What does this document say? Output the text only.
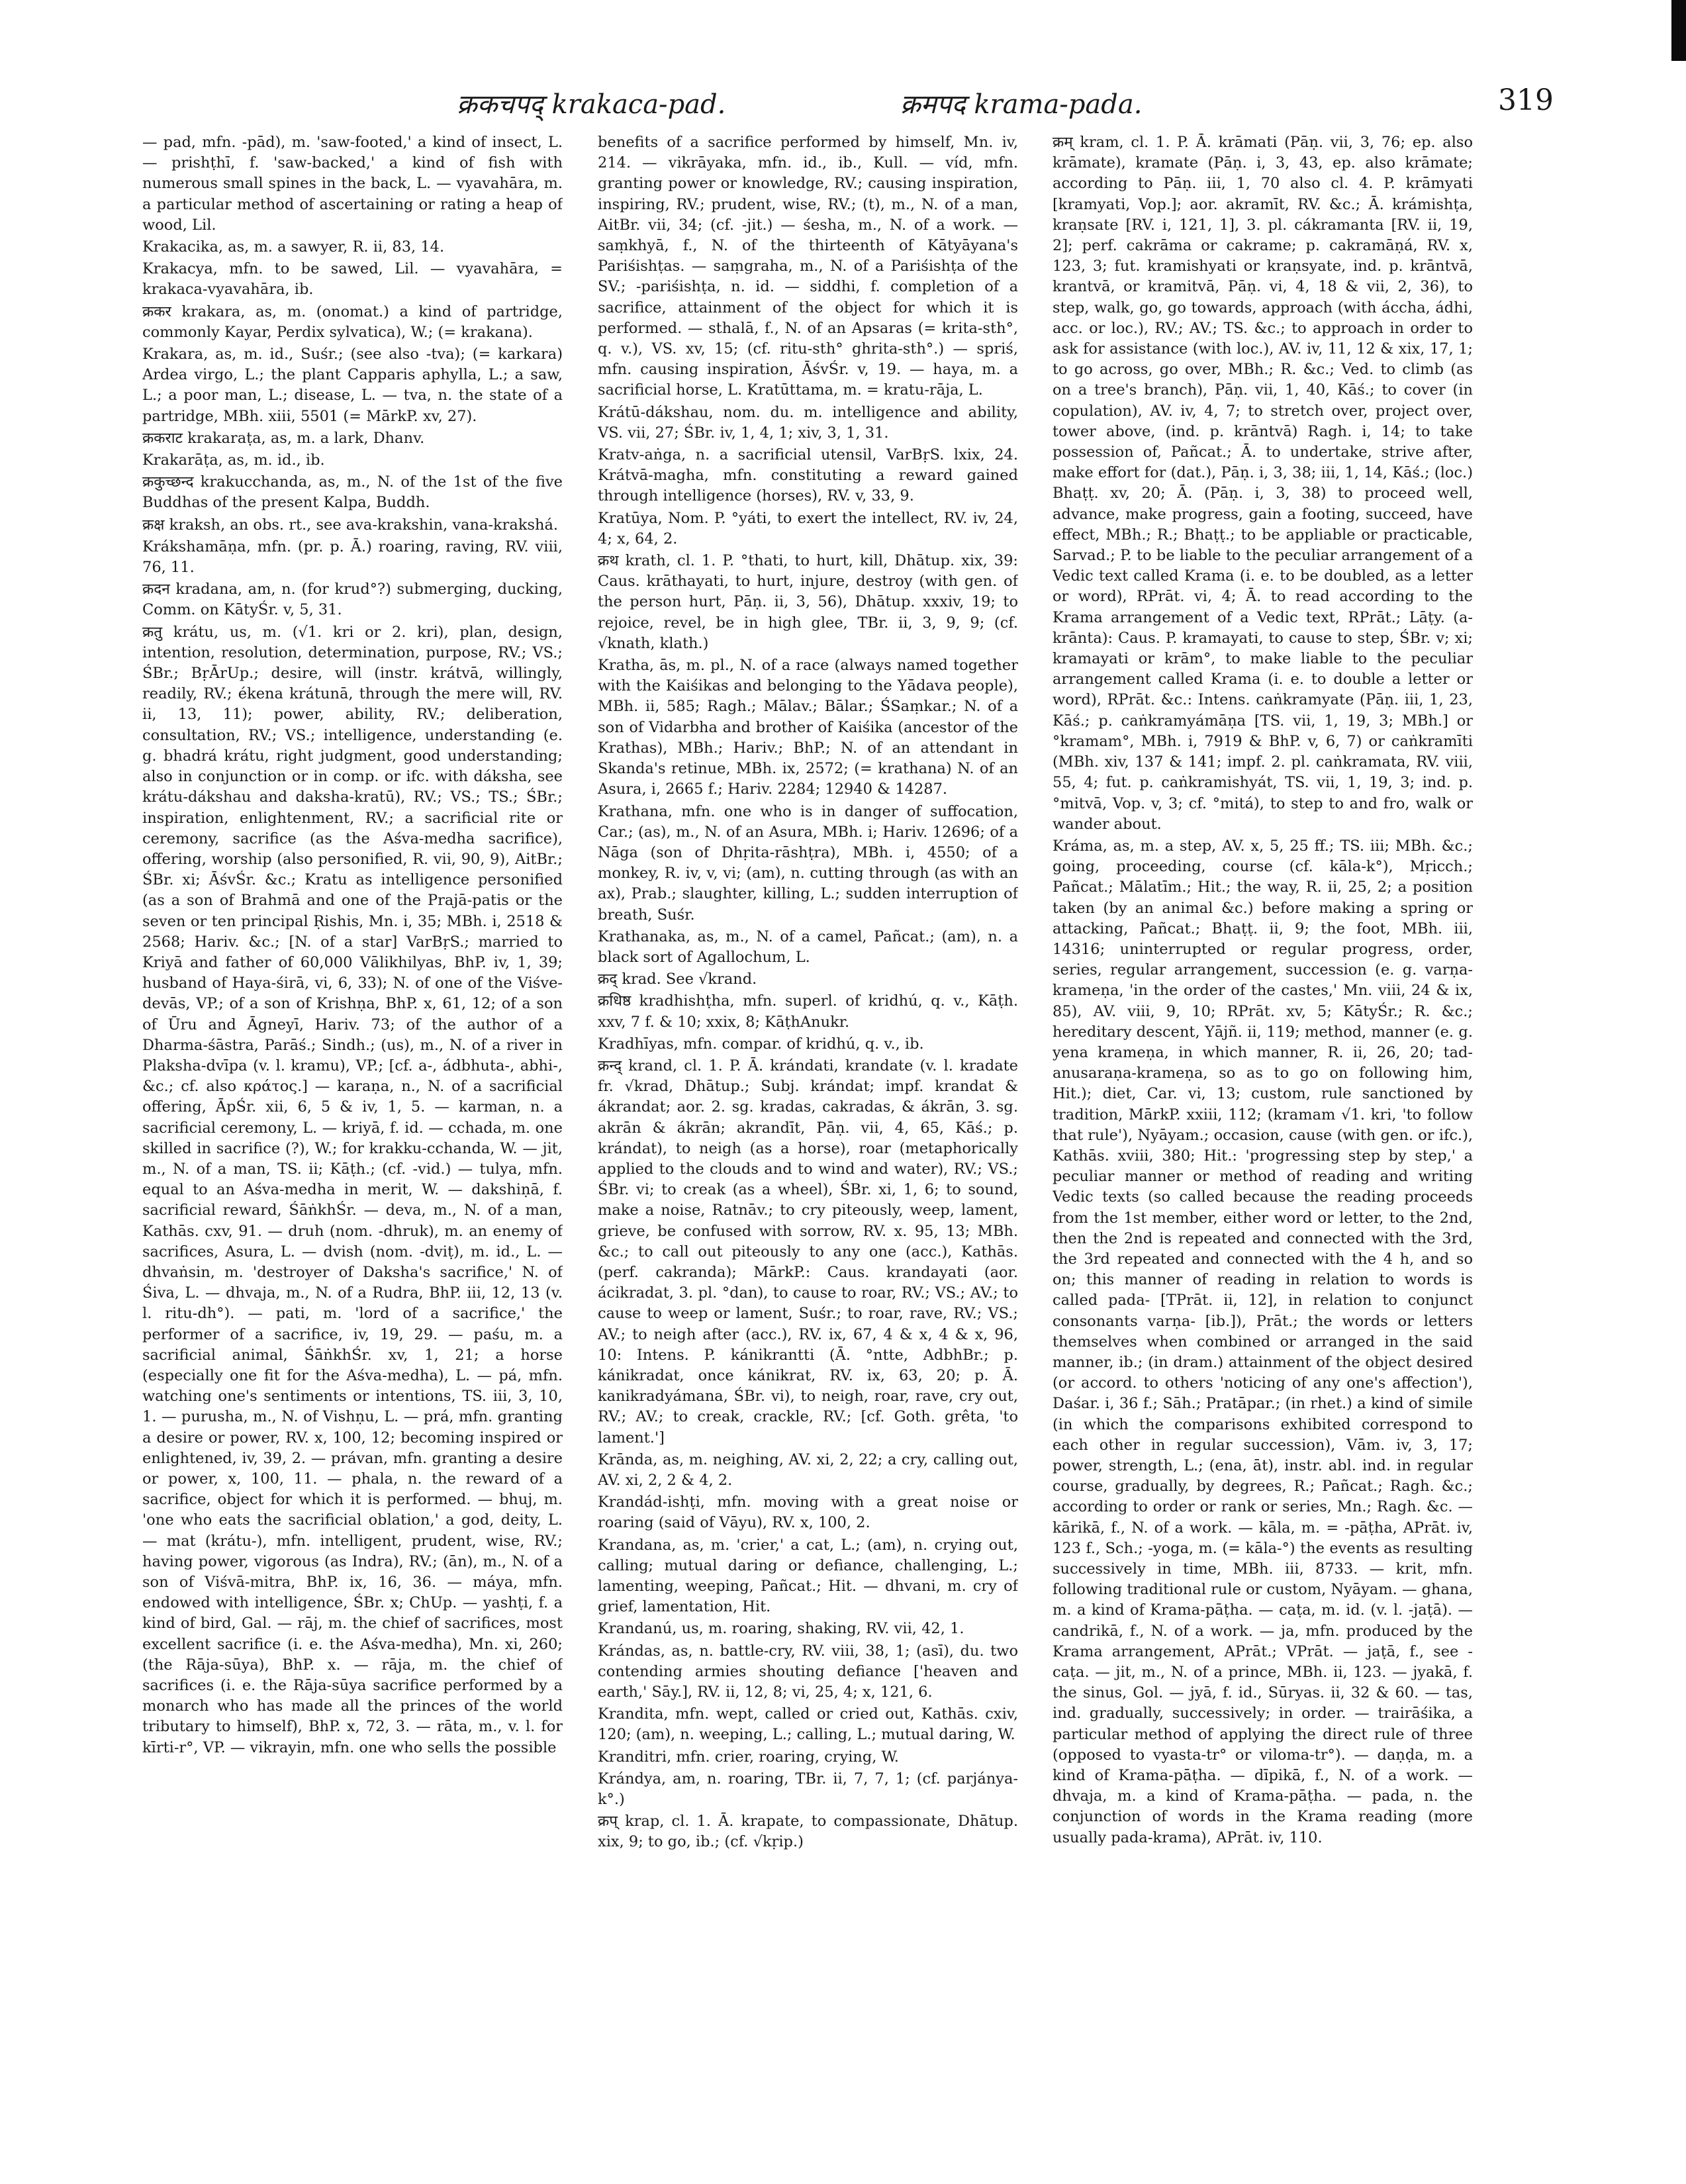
क्रकचपद् krakaca-pad.	क्रमपद krama-pada.	319

— pad, mfn. -pād), m. 'saw-footed,' a kind of insect, L. — prishṭhī, f. 'saw-backed,' a kind of fish with numerous small spines in the back, L. — vyavahāra, m. a particular method of ascertaining or rating a heap of wood, Lil.

Krakacika, as, m. a sawyer, R. ii, 83, 14.

Krakacya, mfn. to be sawed, Lil. — vyavahāra, = krakaca-vyavahāra, ib.

क्रकर krakara, as, m. (onomat.) a kind of partridge, commonly Kayar, Perdix sylvatica), W.; (= krakana).

Krakara, as, m. id., Suśr.; (see also -tva); (= karkara) Ardea virgo, L.; the plant Capparis aphylla, L.; a saw, L.; a poor man, L.; disease, L. — tva, n. the state of a partridge, MBh. xiii, 5501 (= MārkP. xv, 27).

क्रकराट krakaraṭa, as, m. a lark, Dhanv.

Krakarāṭa, as, m. id., ib.

क्रकुच्छन्द krakucchanda, as, m., N. of the 1st of the five Buddhas of the present Kalpa, Buddh.

क्रक्ष kraksh, an obs. rt., see ava-krakshin, vana-krakshá.

Krákshamāṇa, mfn. (pr. p. Ā.) roaring, raving, RV. viii, 76, 11.

क्रदन kradana, am, n. (for krud°?) submerging, ducking, Comm. on KātyŚr. v, 5, 31.

क्रतु krátu, us, m. (√1. kri or 2. kri), plan, design, intention, resolution, determination, purpose, RV.; VS.; ŚBr.; BṛĀrUp.; desire, will (instr. krátvā, willingly, readily, RV.; ékena krátunā, through the mere will, RV. ii, 13, 11); power, ability, RV.; deliberation, consultation, RV.; VS.; intelligence, understanding (e. g. bhadrá krátu, right judgment, good understanding; also in conjunction or in comp. or ifc. with dáksha, see krátu-dákshau and daksha-kratū), RV.; VS.; TS.; ŚBr.; inspiration, enlightenment, RV.; a sacrificial rite or ceremony, sacrifice (as the Aśva-medha sacrifice), offering, worship (also personified, R. vii, 90, 9), AitBr.; ŚBr. xi; ĀśvŚr. &c.; Kratu as intelligence personified (as a son of Brahmā and one of the Prajā-patis or the seven or ten principal Ṛishis, Mn. i, 35; MBh. i, 2518 & 2568; Hariv. &c.; [N. of a star] VarBṛS.; married to Kriyā and father of 60,000 Vālikhilyas, BhP. iv, 1, 39; husband of Haya-śirā, vi, 6, 33); N. of one of the Viśve-devās, VP.; of a son of Krishṇa, BhP. x, 61, 12; of a son of Ūru and Āgneyī, Hariv. 73; of the author of a Dharma-śāstra, Parāś.; Sindh.; (us), m., N. of a river in Plaksha-dvīpa (v. l. kramu), VP.; [cf. a-, ádbhuta-, abhi-, &c.; cf. also κράτος.] — karaṇa, n., N. of a sacrificial offering, ĀpŚr. xii, 6, 5 & iv, 1, 5. — karman, n. a sacrificial ceremony, L. — kriyā, f. id. — cchada, m. one skilled in sacrifice (?), W.; for krakku-cchanda, W. — jit, m., N. of a man, TS. ii; Kāṭh.; (cf. -vid.) — tulya, mfn. equal to an Aśva-medha in merit, W. — dakshiṇā, f. sacrificial reward, ŚāṅkhŚr. — deva, m., N. of a man, Kathās. cxv, 91. — druh (nom. -dhruk), m. an enemy of sacrifices, Asura, L. — dvish (nom. -dviṭ), m. id., L. — dhvaṅsin, m. 'destroyer of Daksha's sacrifice,' N. of Śiva, L. — dhvaja, m., N. of a Rudra, BhP. iii, 12, 13 (v. l. ritu-dh°). — pati, m. 'lord of a sacrifice,' the performer of a sacrifice, iv, 19, 29. — paśu, m. a sacrificial animal, ŚāṅkhŚr. xv, 1, 21; a horse (especially one fit for the Aśva-medha), L. — pá, mfn. watching one's sentiments or intentions, TS. iii, 3, 10, 1. — purusha, m., N. of Vishṇu, L. — prá, mfn. granting a desire or power, RV. x, 100, 12; becoming inspired or enlightened, iv, 39, 2. — právan, mfn. granting a desire or power, x, 100, 11. — phala, n. the reward of a sacrifice, object for which it is performed. — bhuj, m. 'one who eats the sacrificial oblation,' a god, deity, L. — mat (krátu-), mfn. intelligent, prudent, wise, RV.; having power, vigorous (as Indra), RV.; (ān), m., N. of a son of Viśvā-mitra, BhP. ix, 16, 36. — máya, mfn. endowed with intelligence, ŚBr. x; ChUp. — yashṭi, f. a kind of bird, Gal. — rāj, m. the chief of sacrifices, most excellent sacrifice (i. e. the Aśva-medha), Mn. xi, 260; (the Rāja-sūya), BhP. x. — rāja, m. the chief of sacrifices (i. e. the Rāja-sūya sacrifice performed by a monarch who has made all the princes of the world tributary to himself), BhP. x, 72, 3. — rāta, m., v. l. for kīrti-r°, VP. — vikrayin, mfn. one who sells the possible

benefits of a sacrifice performed by himself, Mn. iv, 214. — vikrāyaka, mfn. id., ib., Kull. — víd, mfn. granting power or knowledge, RV.; causing inspiration, inspiring, RV.; prudent, wise, RV.; (t), m., N. of a man, AitBr. vii, 34; (cf. -jit.) — śesha, m., N. of a work. — saṃkhyā, f., N. of the thirteenth of Kātyāyana's Pariśishṭas. — saṃgraha, m., N. of a Pariśishṭa of the SV.; -pariśishṭa, n. id. — siddhi, f. completion of a sacrifice, attainment of the object for which it is performed. — sthalā, f., N. of an Apsaras (= krita-sth°, q. v.), VS. xv, 15; (cf. ritu-sth° ghrita-sth°.) — spriś, mfn. causing inspiration, ĀśvŚr. v, 19. — haya, m. a sacrificial horse, L. Kratūttama, m. = kratu-rāja, L.

Krátū-dákshau, nom. du. m. intelligence and ability, VS. vii, 27; ŚBr. iv, 1, 4, 1; xiv, 3, 1, 31.

Kratv-aṅga, n. a sacrificial utensil, VarBṛS. lxix, 24. Krátvā-magha, mfn. constituting a reward gained through intelligence (horses), RV. v, 33, 9.

Kratūya, Nom. P. °yáti, to exert the intellect, RV. iv, 24, 4; x, 64, 2.

क्रथ krath, cl. 1. P. °thati, to hurt, kill, Dhātup. xix, 39: Caus. krāthayati, to hurt, injure, destroy (with gen. of the person hurt, Pāṇ. ii, 3, 56), Dhātup. xxxiv, 19; to rejoice, revel, be in high glee, TBr. ii, 3, 9, 9; (cf. √knath, klath.)

Kratha, ās, m. pl., N. of a race (always named together with the Kaiśikas and belonging to the Yādava people), MBh. ii, 585; Ragh.; Mālav.; Bālar.; ŚSaṃkar.; N. of a son of Vidarbha and brother of Kaiśika (ancestor of the Krathas), MBh.; Hariv.; BhP.; N. of an attendant in Skanda's retinue, MBh. ix, 2572; (= krathana) N. of an Asura, i, 2665 f.; Hariv. 2284; 12940 & 14287.

Krathana, mfn. one who is in danger of suffocation, Car.; (as), m., N. of an Asura, MBh. i; Hariv. 12696; of a Nāga (son of Dhṛita-rāshṭra), MBh. i, 4550; of a monkey, R. iv, v, vi; (am), n. cutting through (as with an ax), Prab.; slaughter, killing, L.; sudden interruption of breath, Suśr.

Krathanaka, as, m., N. of a camel, Pañcat.; (am), n. a black sort of Agallochum, L.

क्रद् krad. See √krand.

क्रधिष्ठ kradhishṭha, mfn. superl. of kridhú, q. v., Kāṭh. xxv, 7 f. & 10; xxix, 8; KāṭhAnukr.

Kradhīyas, mfn. compar. of kridhú, q. v., ib.

क्रन्द् krand, cl. 1. P. Ā. krándati, krandate (v. l. kradate fr. √krad, Dhātup.; Subj. krándat; impf. krandat & ákrandat; aor. 2. sg. kradas, cakradas, & ákrān, 3. sg. akrān & ákrān; akrandīt, Pāṇ. vii, 4, 65, Kāś.; p. krándat), to neigh (as a horse), roar (metaphorically applied to the clouds and to wind and water), RV.; VS.; ŚBr. vi; to creak (as a wheel), ŚBr. xi, 1, 6; to sound, make a noise, Ratnāv.; to cry piteously, weep, lament, grieve, be confused with sorrow, RV. x. 95, 13; MBh. &c.; to call out piteously to any one (acc.), Kathās. (perf. cakranda); MārkP.: Caus. krandayati (aor. ácikradat, 3. pl. °dan), to cause to roar, RV.; VS.; AV.; to cause to weep or lament, Suśr.; to roar, rave, RV.; VS.; AV.; to neigh after (acc.), RV. ix, 67, 4 & x, 4 & x, 96, 10: Intens. P. kánikrantti (Ā. °ntte, AdbhBr.; p. kánikradat, once kánikrat, RV. ix, 63, 20; p. Ā. kanikradyámana, ŚBr. vi), to neigh, roar, rave, cry out, RV.; AV.; to creak, crackle, RV.; [cf. Goth. grêta, 'to lament.']

Krānda, as, m. neighing, AV. xi, 2, 22; a cry, calling out, AV. xi, 2, 2 & 4, 2.

Krandád-ishṭi, mfn. moving with a great noise or roaring (said of Vāyu), RV. x, 100, 2.

Krandana, as, m. 'crier,' a cat, L.; (am), n. crying out, calling; mutual daring or defiance, challenging, L.; lamenting, weeping, Pañcat.; Hit. — dhvani, m. cry of grief, lamentation, Hit.

Krandanú, us, m. roaring, shaking, RV. vii, 42, 1.

Krándas, as, n. battle-cry, RV. viii, 38, 1; (asī), du. two contending armies shouting defiance ['heaven and earth,' Sāy.], RV. ii, 12, 8; vi, 25, 4; x, 121, 6.

Krandita, mfn. wept, called or cried out, Kathās. cxiv, 120; (am), n. weeping, L.; calling, L.; mutual daring, W.

Kranditri, mfn. crier, roaring, crying, W.

Krándya, am, n. roaring, TBr. ii, 7, 7, 1; (cf. parjánya-k°.)

क्रप् krap, cl. 1. Ā. krapate, to compassionate, Dhātup. xix, 9; to go, ib.; (cf. √kṛip.)

क्रम् kram, cl. 1. P. Ā. krāmati (Pāṇ. vii, 3, 76; ep. also krāmate), kramate (Pāṇ. i, 3, 43, ep. also krāmate; according to Pāṇ. iii, 1, 70 also cl. 4. P. krāmyati [kramyati, Vop.]; aor. akramīt, RV. &c.; Ā. krámishṭa, kraṇsate [RV. i, 121, 1], 3. pl. cákramanta [RV. ii, 19, 2]; perf. cakrāma or cakrame; p. cakramāṇá, RV. x, 123, 3; fut. kramishyati or kraṇsyate, ind. p. krāntvā, krantvā, or kramitvā, Pāṇ. vi, 4, 18 & vii, 2, 36), to step, walk, go, go towards, approach (with áccha, ádhi, acc. or loc.), RV.; AV.; TS. &c.; to approach in order to ask for assistance (with loc.), AV. iv, 11, 12 & xix, 17, 1; to go across, go over, MBh.; R. &c.; Ved. to climb (as on a tree's branch), Pāṇ. vii, 1, 40, Kāś.; to cover (in copulation), AV. iv, 4, 7; to stretch over, project over, tower above, (ind. p. krāntvā) Ragh. i, 14; to take possession of, Pañcat.; Ā. to undertake, strive after, make effort for (dat.), Pāṇ. i, 3, 38; iii, 1, 14, Kāś.; (loc.) Bhaṭṭ. xv, 20; Ā. (Pāṇ. i, 3, 38) to proceed well, advance, make progress, gain a footing, succeed, have effect, MBh.; R.; Bhaṭṭ.; to be appliable or practicable, Sarvad.; P. to be liable to the peculiar arrangement of a Vedic text called Krama (i. e. to be doubled, as a letter or word), RPrāt. vi, 4; Ā. to read according to the Krama arrangement of a Vedic text, RPrāt.; Lāṭy. (a-krānta): Caus. P. kramayati, to cause to step, ŚBr. v; xi; kramayati or krām°, to make liable to the peculiar arrangement called Krama (i. e. to double a letter or word), RPrāt. &c.: Intens. caṅkramyate (Pāṇ. iii, 1, 23, Kāś.; p. caṅkramyámāṇa [TS. vii, 1, 19, 3; MBh.] or °kramam°, MBh. i, 7919 & BhP. v, 6, 7) or caṅkramīti (MBh. xiv, 137 & 141; impf. 2. pl. caṅkramata, RV. viii, 55, 4; fut. p. caṅkramishyát, TS. vii, 1, 19, 3; ind. p. °mitvā, Vop. v, 3; cf. °mitá), to step to and fro, walk or wander about.

Kráma, as, m. a step, AV. x, 5, 25 ff.; TS. iii; MBh. &c.; going, proceeding, course (cf. kāla-k°), Mṛicch.; Pañcat.; Mālatīm.; Hit.; the way, R. ii, 25, 2; a position taken (by an animal &c.) before making a spring or attacking, Pañcat.; Bhaṭṭ. ii, 9; the foot, MBh. iii, 14316; uninterrupted or regular progress, order, series, regular arrangement, succession (e. g. varṇa-krameṇa, 'in the order of the castes,' Mn. viii, 24 & ix, 85), AV. viii, 9, 10; RPrāt. xv, 5; KātyŚr.; R. &c.; hereditary descent, Yājñ. ii, 119; method, manner (e. g. yena krameṇa, in which manner, R. ii, 26, 20; tad-anusaraṇa-krameṇa, so as to go on following him, Hit.); diet, Car. vi, 13; custom, rule sanctioned by tradition, MārkP. xxiii, 112; (kramam √1. kri, 'to follow that rule'), Nyāyam.; occasion, cause (with gen. or ifc.), Kathās. xviii, 380; Hit.: 'progressing step by step,' a peculiar manner or method of reading and writing Vedic texts (so called because the reading proceeds from the 1st member, either word or letter, to the 2nd, then the 2nd is repeated and connected with the 3rd, the 3rd repeated and connected with the 4 h, and so on; this manner of reading in relation to words is called pada- [TPrāt. ii, 12], in relation to conjunct consonants varṇa- [ib.]), Prāt.; the words or letters themselves when combined or arranged in the said manner, ib.; (in dram.) attainment of the object desired (or accord. to others 'noticing of any one's affection'), Daśar. i, 36 f.; Sāh.; Pratāpar.; (in rhet.) a kind of simile (in which the comparisons exhibited correspond to each other in regular succession), Vām. iv, 3, 17; power, strength, L.; (ena, āt), instr. abl. ind. in regular course, gradually, by degrees, R.; Pañcat.; Ragh. &c.; according to order or rank or series, Mn.; Ragh. &c. — kārikā, f., N. of a work. — kāla, m. = -pāṭha, APrāt. iv, 123 f., Sch.; -yoga, m. (= kāla-°) the events as resulting successively in time, MBh. iii, 8733. — krit, mfn. following traditional rule or custom, Nyāyam. — ghana, m. a kind of Krama-pāṭha. — caṭa, m. id. (v. l. -jaṭā). — candrikā, f., N. of a work. — ja, mfn. produced by the Krama arrangement, APrāt.; VPrāt. — jaṭā, f., see -caṭa. — jit, m., N. of a prince, MBh. ii, 123. — jyakā, f. the sinus, Gol. — jyā, f. id., Sūryas. ii, 32 & 60. — tas, ind. gradually, successively; in order. — trairāśika, a particular method of applying the direct rule of three (opposed to vyasta-tr° or viloma-tr°). — daṇḍa, m. a kind of Krama-pāṭha. — dīpikā, f., N. of a work. — dhvaja, m. a kind of Krama-pāṭha. — pada, n. the conjunction of words in the Krama reading (more usually pada-krama), APrāt. iv, 110.
